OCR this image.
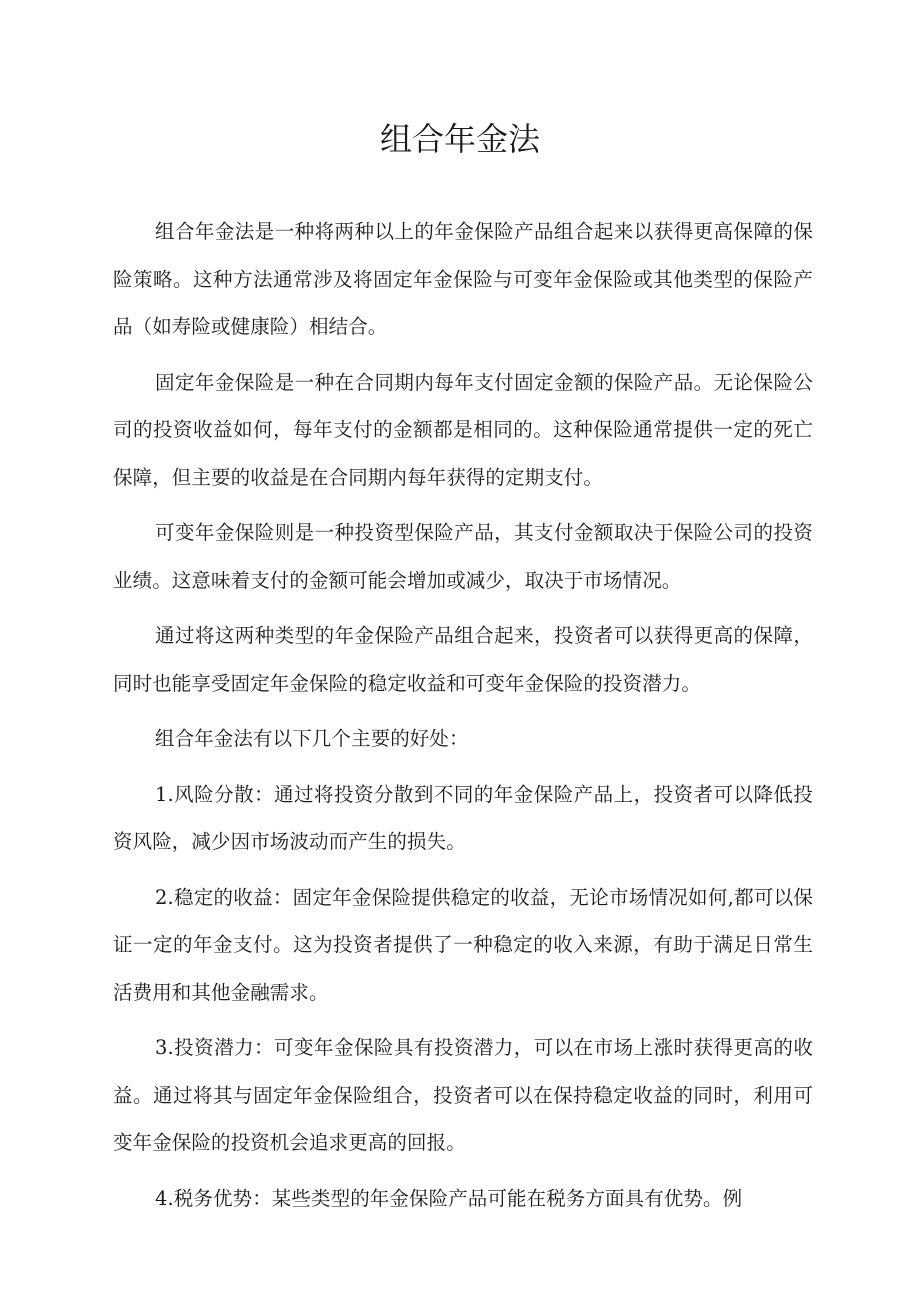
组合年金法

组合年金法是一种将两种以上的年金保险产品组合起来以获得更高保障的保险策略。这种方法通常涉及将固定年金保险与可变年金保险或其他类型的保险产品（如寿险或健康险）相结合。

固定年金保险是一种在合同期内每年支付固定金额的保险产品。无论保险公司的投资收益如何，每年支付的金额都是相同的。这种保险通常提供一定的死亡保障，但主要的收益是在合同期内每年获得的定期支付。

可变年金保险则是一种投资型保险产品，其支付金额取决于保险公司的投资业绩。这意味着支付的金额可能会增加或减少，取决于市场情况。

通过将这两种类型的年金保险产品组合起来，投资者可以获得更高的保障，同时也能享受固定年金保险的稳定收益和可变年金保险的投资潜力。

组合年金法有以下几个主要的好处：

1.风险分散：通过将投资分散到不同的年金保险产品上，投资者可以降低投资风险，减少因市场波动而产生的损失。

2.稳定的收益：固定年金保险提供稳定的收益，无论市场情况如何,都可以保证一定的年金支付。这为投资者提供了一种稳定的收入来源，有助于满足日常生活费用和其他金融需求。

3.投资潜力：可变年金保险具有投资潜力，可以在市场上涨时获得更高的收益。通过将其与固定年金保险组合，投资者可以在保持稳定收益的同时，利用可变年金保险的投资机会追求更高的回报。

4.税务优势：某些类型的年金保险产品可能在税务方面具有优势。例
